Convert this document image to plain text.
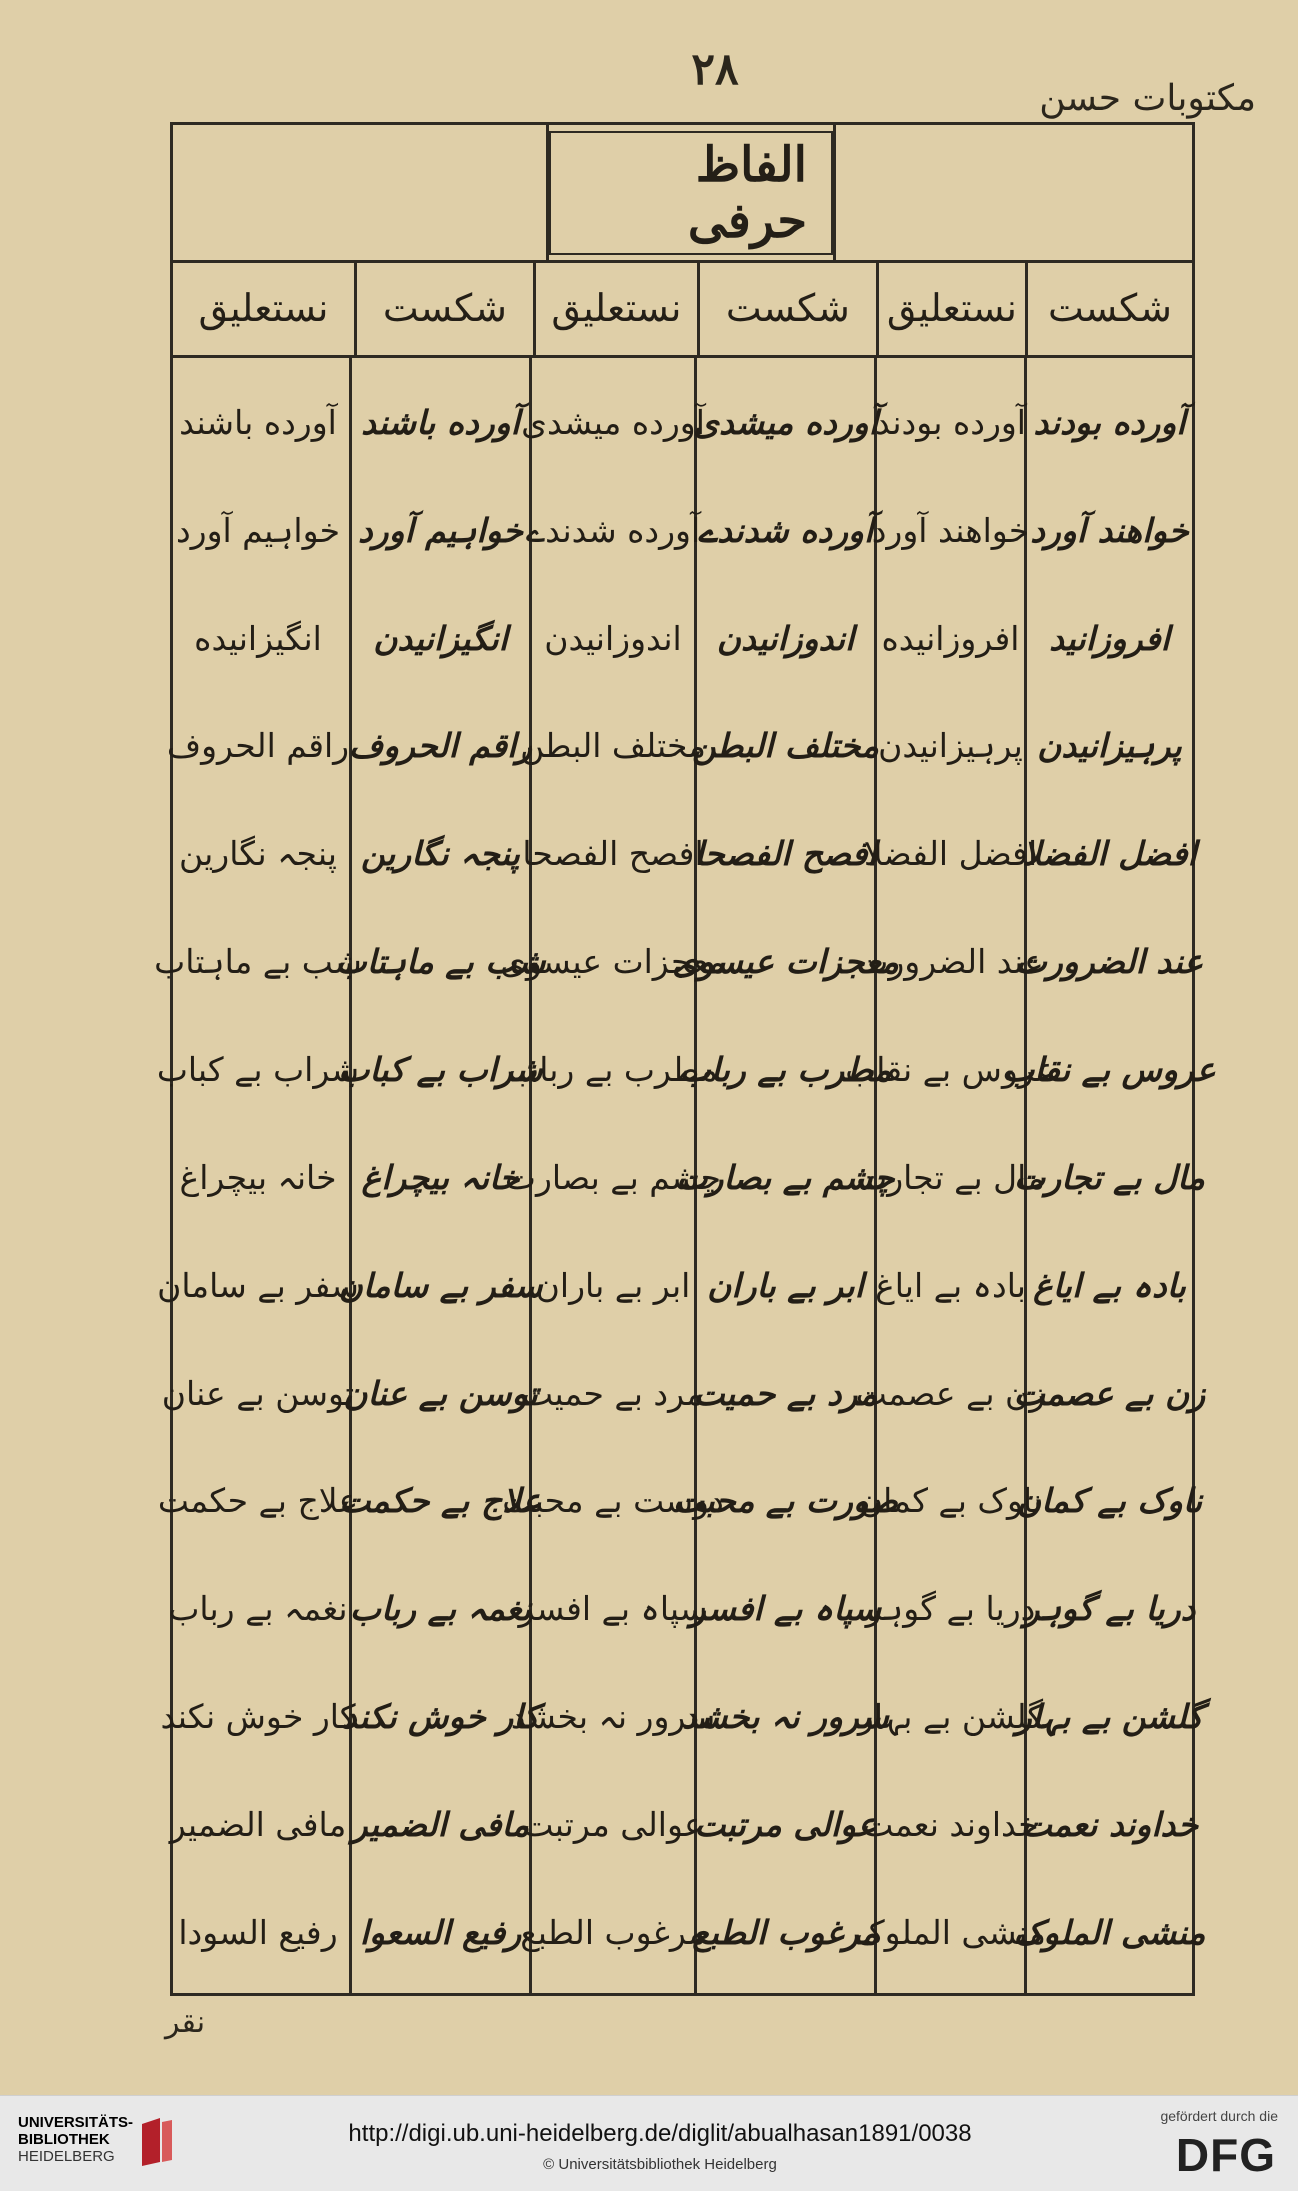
۲۸
مکتوبات حسن
الفاظ حرفی
شکست
نستعلیق
شکست
نستعلیق
شکست
نستعلیق
آورده بودند
خواهند آورد
افروزانید
پرہیزانیدن
افضل الفضلا
عند الضرورت
عروس بے نقاب
مال بے تجارت
بادہ بے ایاغ
زن بے عصمت
ناوک بے کمان
دریا بے گوہر
گلشن بے بہار
خداوند نعمت
منشی الملوک
آورده بودند
خواهند آورد
افروزانیده
پرہیزانیدن
افضل الفضلا
عند الضرورت
عروس بے نقاب
مال بے تجارت
بادہ بے ایاغ
زن بے عصمت
ناوک بے کمان
دریا بے گوہر
گلشن بے بہار
خداوند نعمت
منشی الملوک
آورده میشدی
آورده شدندے
اندوزانیدن
مختلف البطن
افصح الفصحا
معجزات عیسوی
مطرب بے رباب
چشم بے بصارت
ابر بے باران
مرد بے حمیت
صورت بے محبت
سپاہ بے افسر
سرور نہ بخشد
عوالی مرتبت
مرغوب الطبع
آورده میشدی
آورده شدندے
اندوزانیدن
مختلف البطن
افصح الفصحا
معجزات عیسوی
مطرب بے رباب
چشم بے بصارت
ابر بے باران
مرد بے حمیت
دوست بے محبت
سپاہ بے افسر
سرور نہ بخشد
عوالی مرتبت
مرغوب الطبع
آورده باشند
خواہیم آورد
انگیزانیدن
راقم الحروف
پنجہ نگارین
شب بے ماہتاب
شراب بے کباب
خانہ بیچراغ
سفر بے سامان
توسن بے عنان
علاج بے حکمت
نغمہ بے رباب
کار خوش نکند
مافی الضمیر
رفیع السعوا
آورده باشند
خواہیم آورد
انگیزانیده
راقم الحروف
پنجہ نگارین
شب بے ماہتاب
شراب بے کباب
خانہ بیچراغ
سفر بے سامان
توسن بے عنان
علاج بے حکمت
نغمہ بے رباب
کار خوش نکند
مافی الضمیر
رفیع السودا
نقر
UNIVERSITÄTS-
BIBLIOTHEK
HEIDELBERG
http://digi.ub.uni-heidelberg.de/diglit/abualhasan1891/0038
© Universitätsbibliothek Heidelberg
gefördert durch die
DFG
